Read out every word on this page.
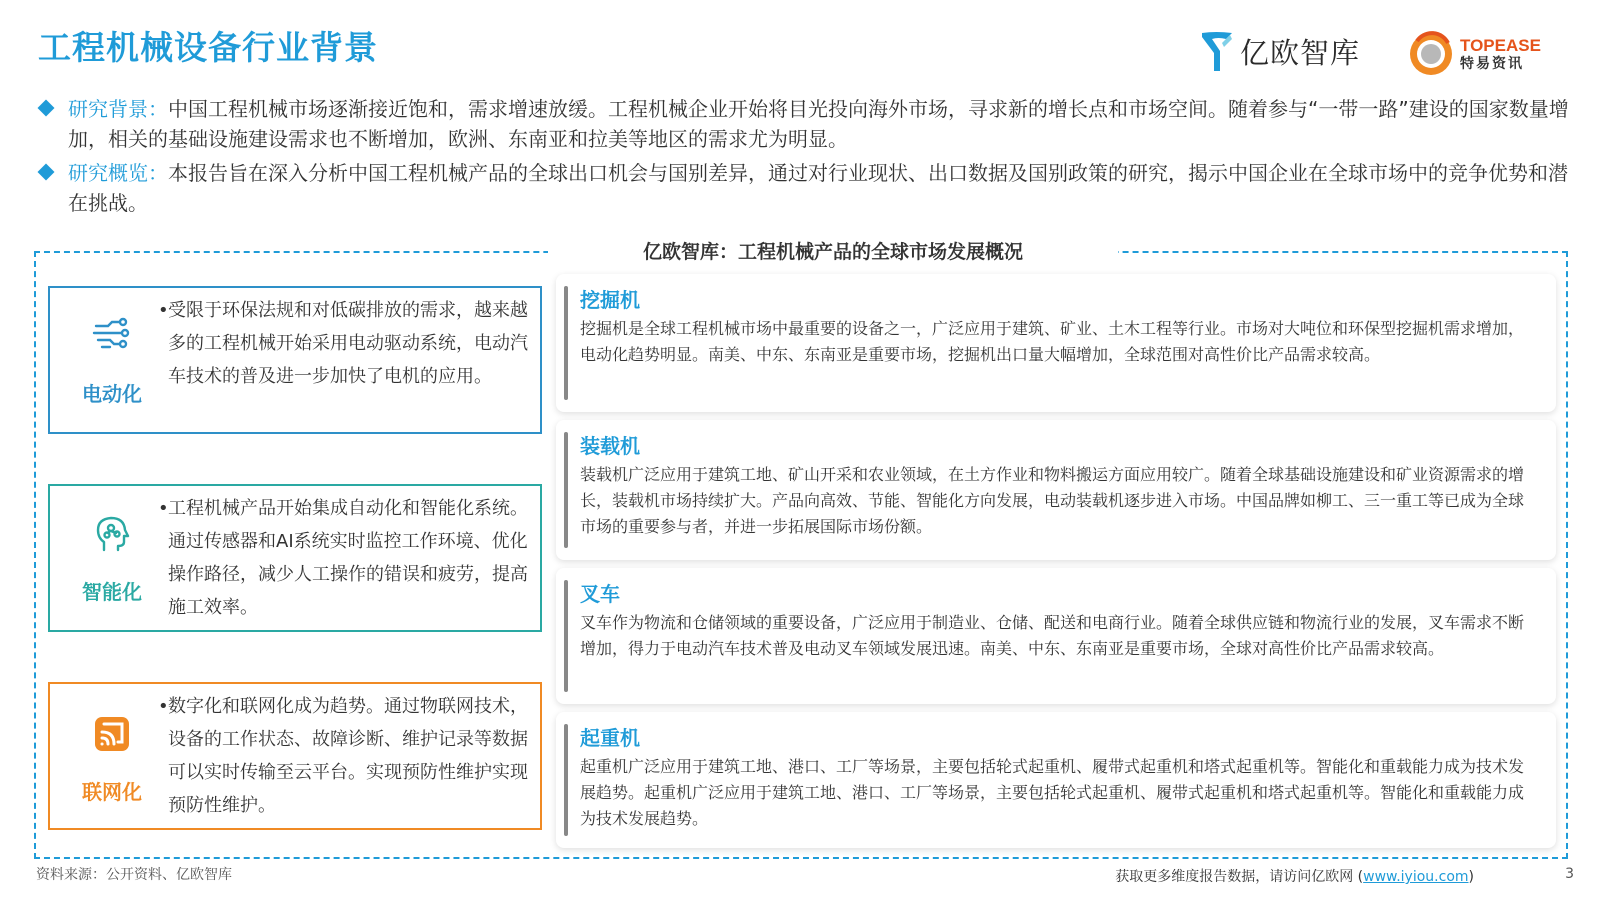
工程机械设备行业背景	亿欧智库	TOPEASE
特易资讯
研究背景：中国工程机械市场逐渐接近饱和，需求增速放缓。工程机械企业开始将目光投向海外市场，寻求新的增长点和市场空间。随着参与“一带一路”建设的国家数量增加，相关的基础设施建设需求也不断增加，欧洲、东南亚和拉美等地区的需求尤为明显。
研究概览：本报告旨在深入分析中国工程机械产品的全球出口机会与国别差异，通过对行业现状、出口数据及国别政策的研究，揭示中国企业在全球市场中的竞争优势和潜在挑战。
亿欧智库：工程机械产品的全球市场发展概况
电动化
• 受限于环保法规和对低碳排放的需求，越来越多的工程机械开始采用电动驱动系统，电动汽车技术的普及进一步加快了电机的应用。
智能化
• 工程机械产品开始集成自动化和智能化系统。通过传感器和AI系统实时监控工作环境、优化操作路径，减少人工操作的错误和疲劳，提高施工效率。
联网化
• 数字化和联网化成为趋势。通过物联网技术，设备的工作状态、故障诊断、维护记录等数据可以实时传输至云平台。实现预防性维护实现预防性维护。
挖掘机
挖掘机是全球工程机械市场中最重要的设备之一，广泛应用于建筑、矿业、土木工程等行业。市场对大吨位和环保型挖掘机需求增加，电动化趋势明显。南美、中东、东南亚是重要市场，挖掘机出口量大幅增加，全球范围对高性价比产品需求较高。
装载机
装载机广泛应用于建筑工地、矿山开采和农业领域，在土方作业和物料搬运方面应用较广。随着全球基础设施建设和矿业资源需求的增长，装载机市场持续扩大。产品向高效、节能、智能化方向发展，电动装载机逐步进入市场。中国品牌如柳工、三一重工等已成为全球市场的重要参与者，并进一步拓展国际市场份额。
叉车
叉车作为物流和仓储领域的重要设备，广泛应用于制造业、仓储、配送和电商行业。随着全球供应链和物流行业的发展，叉车需求不断增加，得力于电动汽车技术普及电动叉车领域发展迅速。南美、中东、东南亚是重要市场，全球对高性价比产品需求较高。
起重机
起重机广泛应用于建筑工地、港口、工厂等场景，主要包括轮式起重机、履带式起重机和塔式起重机等。智能化和重载能力成为技术发展趋势。起重机广泛应用于建筑工地、港口、工厂等场景，主要包括轮式起重机、履带式起重机和塔式起重机等。智能化和重载能力成为技术发展趋势。
资料来源：公开资料、亿欧智库	获取更多维度报告数据，请访问亿欧网 (www.iyiou.com)	3
